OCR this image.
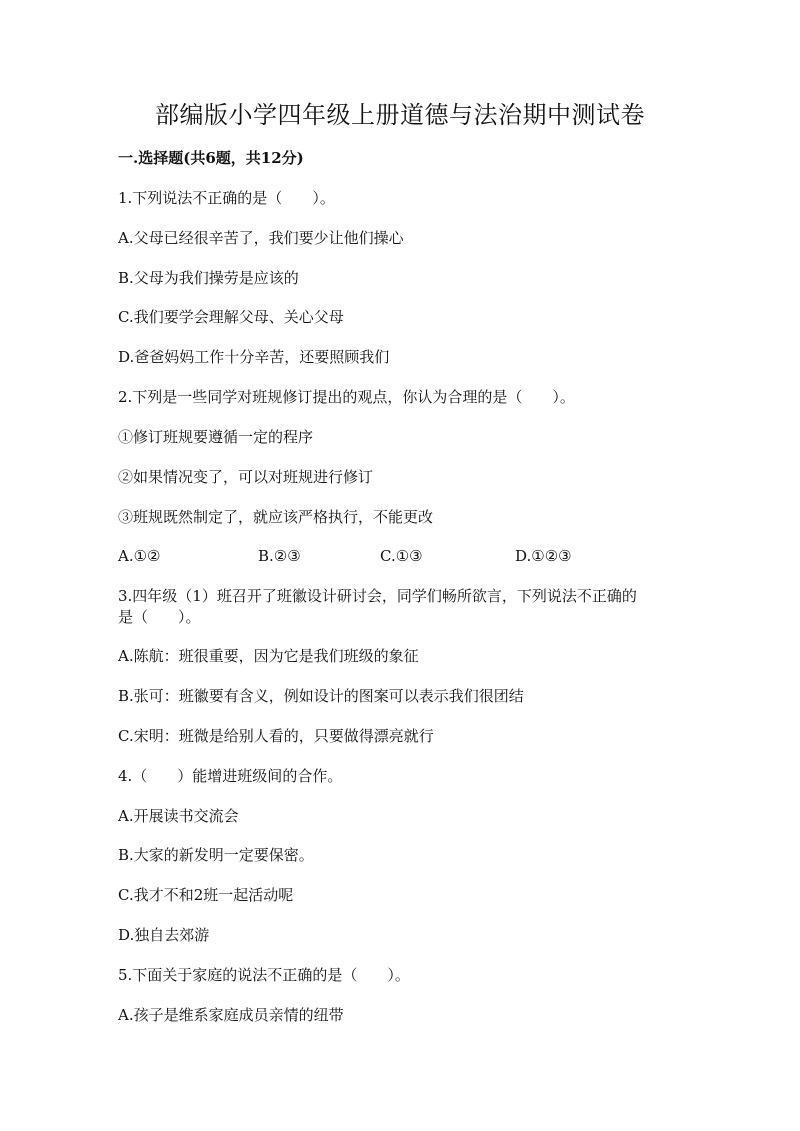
部编版小学四年级上册道德与法治期中测试卷
一.选择题(共6题，共12分)
1.下列说法不正确的是（　　）。
A.父母已经很辛苦了，我们要少让他们操心
B.父母为我们操劳是应该的
C.我们要学会理解父母、关心父母
D.爸爸妈妈工作十分辛苦，还要照顾我们
2.下列是一些同学对班规修订提出的观点，你认为合理的是（　　）。
①修订班规要遵循一定的程序
②如果情况变了，可以对班规进行修订
③班规既然制定了，就应该严格执行，不能更改
A.①②	B.②③	C.①③	D.①②③
3.四年级（1）班召开了班徽设计研讨会，同学们畅所欲言，下列说法不正确的
是（　　）。
A.陈航：班很重要，因为它是我们班级的象征
B.张可：班徽要有含义，例如设计的图案可以表示我们很团结
C.宋明：班微是给别人看的，只要做得漂亮就行
4.（　　）能增进班级间的合作。
A.开展读书交流会
B.大家的新发明一定要保密。
C.我才不和2班一起活动呢
D.独自去郊游
5.下面关于家庭的说法不正确的是（　　）。
A.孩子是维系家庭成员亲情的纽带
